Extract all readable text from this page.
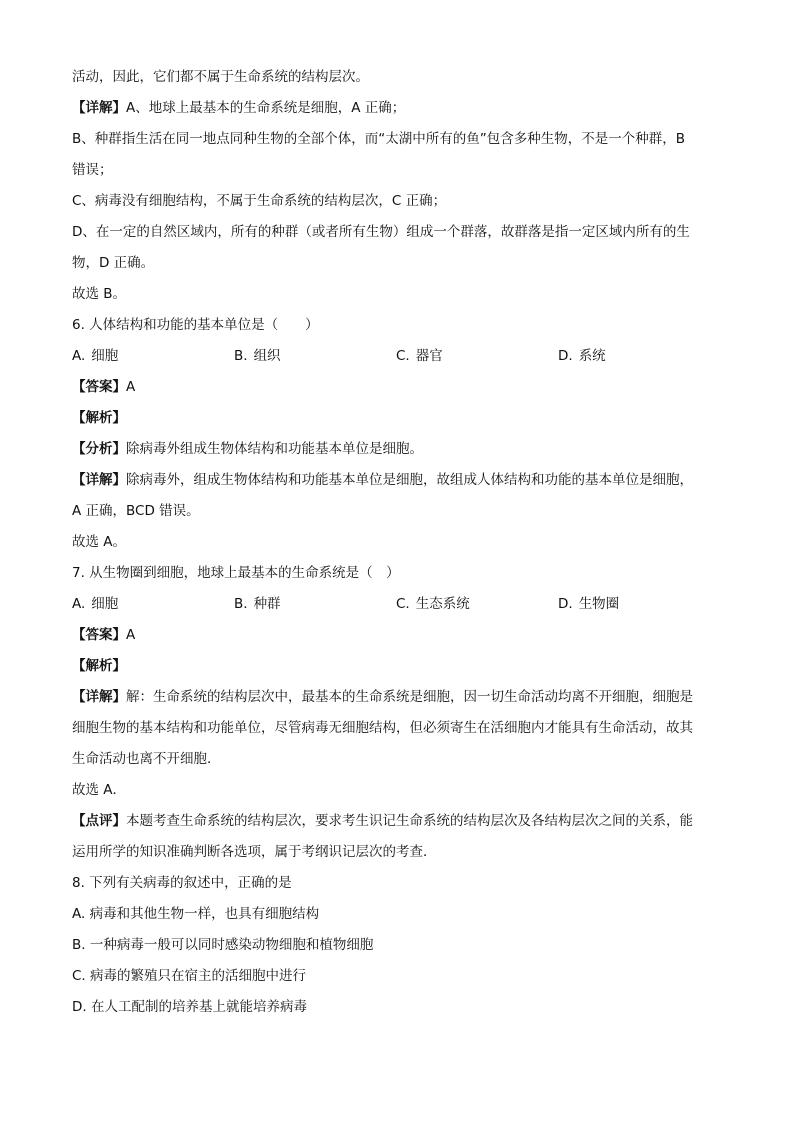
活动，因此，它们都不属于生命系统的结构层次。
【详解】A、地球上最基本的生命系统是细胞，A 正确；
B、种群指生活在同一地点同种生物的全部个体，而“太湖中所有的鱼”包含多种生物，不是一个种群，B
错误；
C、病毒没有细胞结构，不属于生命系统的结构层次，C 正确；
D、在一定的自然区域内，所有的种群（或者所有生物）组成一个群落，故群落是指一定区域内所有的生
物，D 正确。
故选 B。
6. 人体结构和功能的基本单位是（　　）
A. 细胞	B. 组织	C. 器官	D. 系统
【答案】A
【解析】
【分析】除病毒外组成生物体结构和功能基本单位是细胞。
【详解】除病毒外，组成生物体结构和功能基本单位是细胞，故组成人体结构和功能的基本单位是细胞，
A 正确，BCD 错误。
故选 A。
7. 从生物圈到细胞，地球上最基本的生命系统是（　）
A. 细胞	B. 种群	C. 生态系统	D. 生物圈
【答案】A
【解析】
【详解】解：生命系统的结构层次中，最基本的生命系统是细胞，因一切生命活动均离不开细胞，细胞是
细胞生物的基本结构和功能单位，尽管病毒无细胞结构，但必须寄生在活细胞内才能具有生命活动，故其
生命活动也离不开细胞．
故选 A．
【点评】本题考查生命系统的结构层次，要求考生识记生命系统的结构层次及各结构层次之间的关系，能
运用所学的知识准确判断各选项，属于考纲识记层次的考查．
8. 下列有关病毒的叙述中，正确的是
A. 病毒和其他生物一样，也具有细胞结构
B. 一种病毒一般可以同时感染动物细胞和植物细胞
C. 病毒的繁殖只在宿主的活细胞中进行
D. 在人工配制的培养基上就能培养病毒
